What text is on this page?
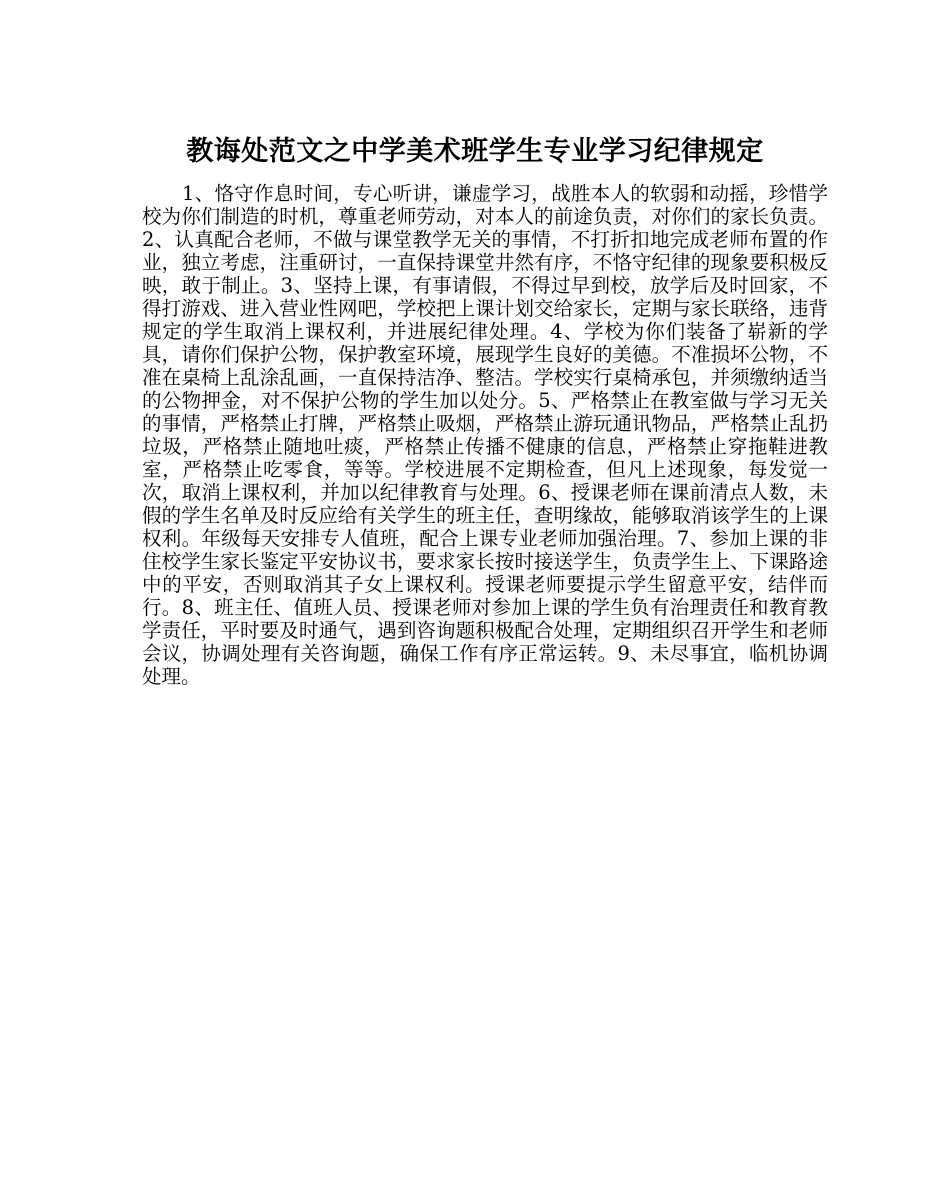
教诲处范文之中学美术班学生专业学习纪律规定

1、恪守作息时间，专心听讲，谦虚学习，战胜本人的软弱和动摇，珍惜学校为你们制造的时机，尊重老师劳动，对本人的前途负责，对你们的家长负责。2、认真配合老师，不做与课堂教学无关的事情，不打折扣地完成老师布置的作业，独立考虑，注重研讨，一直保持课堂井然有序，不恪守纪律的现象要积极反映，敢于制止。3、坚持上课，有事请假，不得过早到校，放学后及时回家，不得打游戏、进入营业性网吧，学校把上课计划交给家长，定期与家长联络，违背规定的学生取消上课权利，并进展纪律处理。4、学校为你们装备了崭新的学具，请你们保护公物，保护教室环境，展现学生良好的美德。不准损坏公物，不准在桌椅上乱涂乱画，一直保持洁净、整洁。学校实行桌椅承包，并须缴纳适当的公物押金，对不保护公物的学生加以处分。5、严格禁止在教室做与学习无关的事情，严格禁止打牌，严格禁止吸烟，严格禁止游玩通讯物品，严格禁止乱扔垃圾，严格禁止随地吐痰，严格禁止传播不健康的信息，严格禁止穿拖鞋进教室，严格禁止吃零食，等等。学校进展不定期检查，但凡上述现象，每发觉一次，取消上课权利，并加以纪律教育与处理。6、授课老师在课前清点人数，未假的学生名单及时反应给有关学生的班主任，查明缘故，能够取消该学生的上课权利。年级每天安排专人值班，配合上课专业老师加强治理。7、参加上课的非住校学生家长鉴定平安协议书，要求家长按时接送学生，负责学生上、下课路途中的平安，否则取消其子女上课权利。授课老师要提示学生留意平安，结伴而行。8、班主任、值班人员、授课老师对参加上课的学生负有治理责任和教育教学责任，平时要及时通气，遇到咨询题积极配合处理，定期组织召开学生和老师会议，协调处理有关咨询题，确保工作有序正常运转。9、未尽事宜，临机协调处理。
